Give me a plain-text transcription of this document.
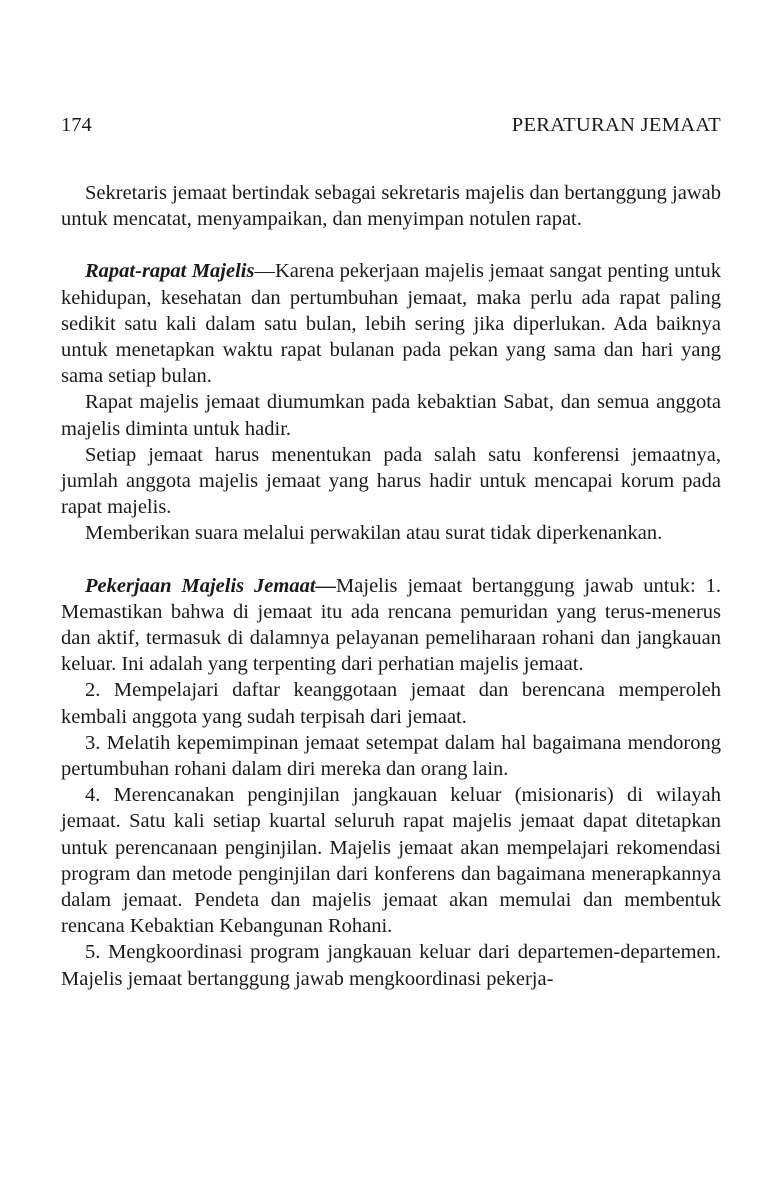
174	PERATURAN JEMAAT

Sekretaris jemaat bertindak sebagai sekretaris majelis dan bertanggung jawab untuk mencatat, menyampaikan, dan menyimpan notulen rapat.

Rapat-rapat Majelis—Karena pekerjaan majelis jemaat sangat penting untuk kehidupan, kesehatan dan pertumbuhan jemaat, maka perlu ada rapat paling sedikit satu kali dalam satu bulan, lebih sering jika diperlukan. Ada baiknya untuk menetapkan waktu rapat bulanan pada pekan yang sama dan hari yang sama setiap bulan.

Rapat majelis jemaat diumumkan pada kebaktian Sabat, dan semua anggota majelis diminta untuk hadir.

Setiap jemaat harus menentukan pada salah satu konferensi jemaatnya, jumlah anggota majelis jemaat yang harus hadir untuk mencapai korum pada rapat majelis.

Memberikan suara melalui perwakilan atau surat tidak diperkenankan.

Pekerjaan Majelis Jemaat—Majelis jemaat bertanggung jawab untuk: 1. Memastikan bahwa di jemaat itu ada rencana pemuridan yang terus-menerus dan aktif, termasuk di dalamnya pelayanan pemeliharaan rohani dan jangkauan keluar. Ini adalah yang terpenting dari perhatian majelis jemaat.

2. Mempelajari daftar keanggotaan jemaat dan berencana memperoleh kembali anggota yang sudah terpisah dari jemaat.

3. Melatih kepemimpinan jemaat setempat dalam hal bagaimana mendorong pertumbuhan rohani dalam diri mereka dan orang lain.

4. Merencanakan penginjilan jangkauan keluar (misionaris) di wilayah jemaat. Satu kali setiap kuartal seluruh rapat majelis jemaat dapat ditetapkan untuk perencanaan penginjilan. Majelis jemaat akan mempelajari rekomendasi program dan metode penginjilan dari konferens dan bagaimana menerapkannya dalam jemaat. Pendeta dan majelis jemaat akan memulai dan membentuk rencana Kebaktian Kebangunan Rohani.

5. Mengkoordinasi program jangkauan keluar dari departemen-departemen. Majelis jemaat bertanggung jawab mengkoordinasi pekerja-
